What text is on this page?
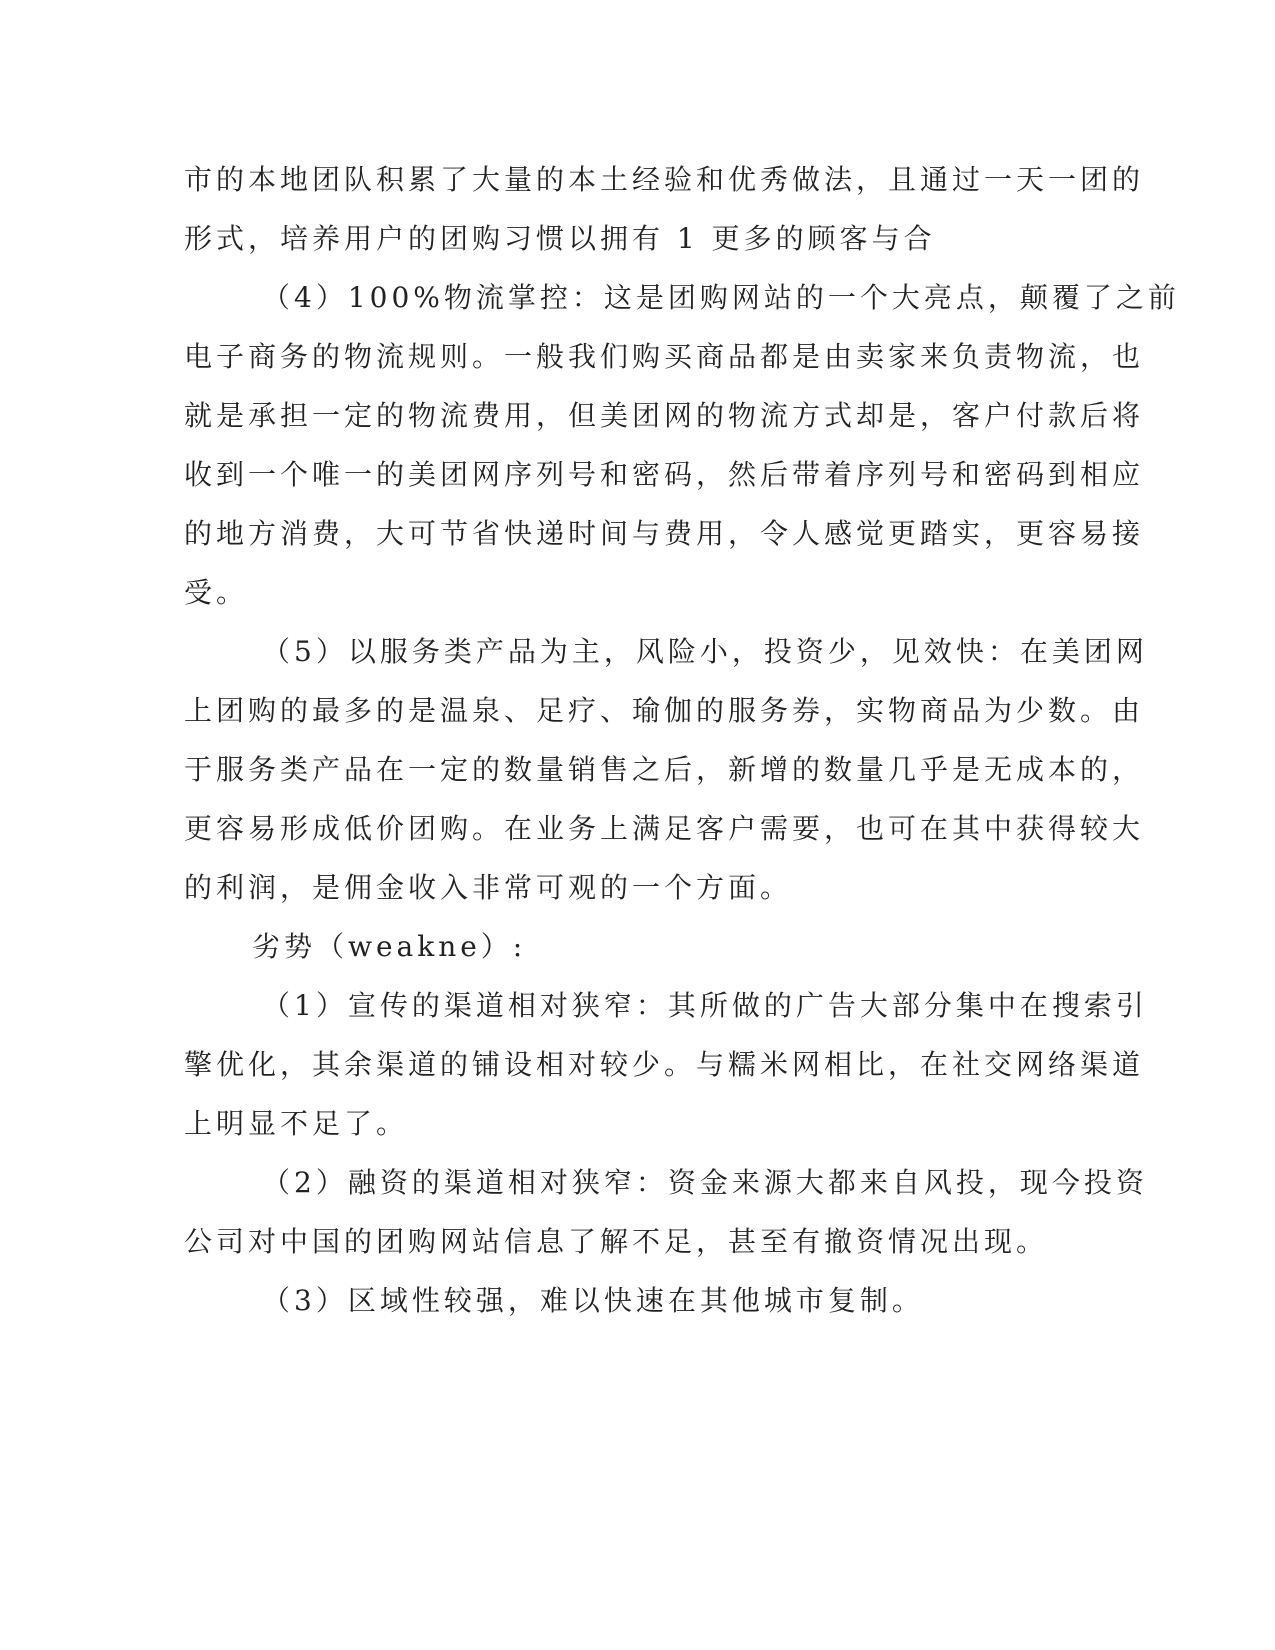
市的本地团队积累了大量的本土经验和优秀做法，且通过一天一团的
形式，培养用户的团购习惯以拥有 1 更多的顾客与合
（4）100%物流掌控：这是团购网站的一个大亮点，颠覆了之前
电子商务的物流规则。一般我们购买商品都是由卖家来负责物流，也
就是承担一定的物流费用，但美团网的物流方式却是，客户付款后将
收到一个唯一的美团网序列号和密码，然后带着序列号和密码到相应
的地方消费，大可节省快递时间与费用，令人感觉更踏实，更容易接
受。
（5）以服务类产品为主，风险小，投资少，见效快：在美团网
上团购的最多的是温泉、足疗、瑜伽的服务券，实物商品为少数。由
于服务类产品在一定的数量销售之后，新增的数量几乎是无成本的，
更容易形成低价团购。在业务上满足客户需要，也可在其中获得较大
的利润，是佣金收入非常可观的一个方面。
劣势（weakne）:
（1）宣传的渠道相对狭窄：其所做的广告大部分集中在搜索引
擎优化，其余渠道的铺设相对较少。与糯米网相比，在社交网络渠道
上明显不足了。
（2）融资的渠道相对狭窄：资金来源大都来自风投，现今投资
公司对中国的团购网站信息了解不足，甚至有撤资情况出现。
（3）区域性较强，难以快速在其他城市复制。
